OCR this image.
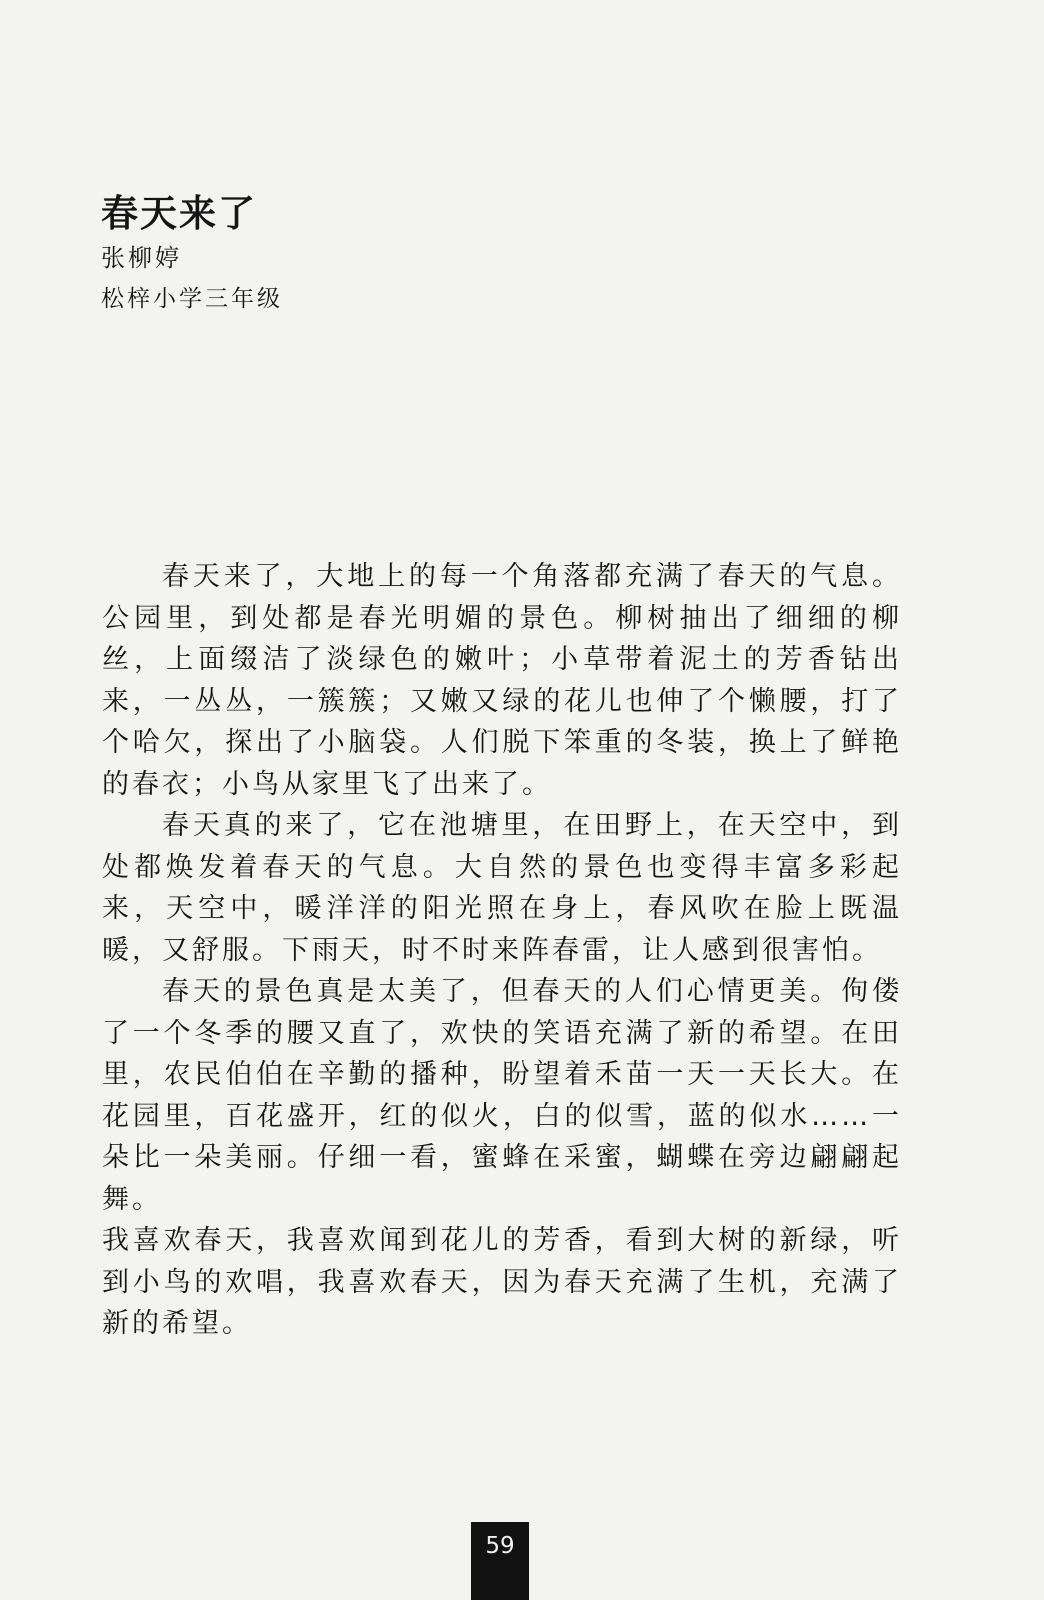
春天来了
张柳婷
松梓小学三年级

春天来了，大地上的每一个角落都充满了春天的气息。公园里，到处都是春光明媚的景色。柳树抽出了细细的柳丝，上面缀洁了淡绿色的嫩叶；小草带着泥土的芳香钻出来，一丛丛，一簇簇；又嫩又绿的花儿也伸了个懒腰，打了个哈欠，探出了小脑袋。人们脱下笨重的冬装，换上了鲜艳的春衣；小鸟从家里飞了出来了。

春天真的来了，它在池塘里，在田野上，在天空中，到处都焕发着春天的气息。大自然的景色也变得丰富多彩起来，天空中，暖洋洋的阳光照在身上，春风吹在脸上既温暖，又舒服。下雨天，时不时来阵春雷，让人感到很害怕。

春天的景色真是太美了，但春天的人们心情更美。佝偻了一个冬季的腰又直了，欢快的笑语充满了新的希望。在田里，农民伯伯在辛勤的播种，盼望着禾苗一天一天长大。在花园里，百花盛开，红的似火，白的似雪，蓝的似水……一朵比一朵美丽。仔细一看，蜜蜂在采蜜，蝴蝶在旁边翩翩起舞。

我喜欢春天，我喜欢闻到花儿的芳香，看到大树的新绿，听到小鸟的欢唱，我喜欢春天，因为春天充满了生机，充满了新的希望。

59
